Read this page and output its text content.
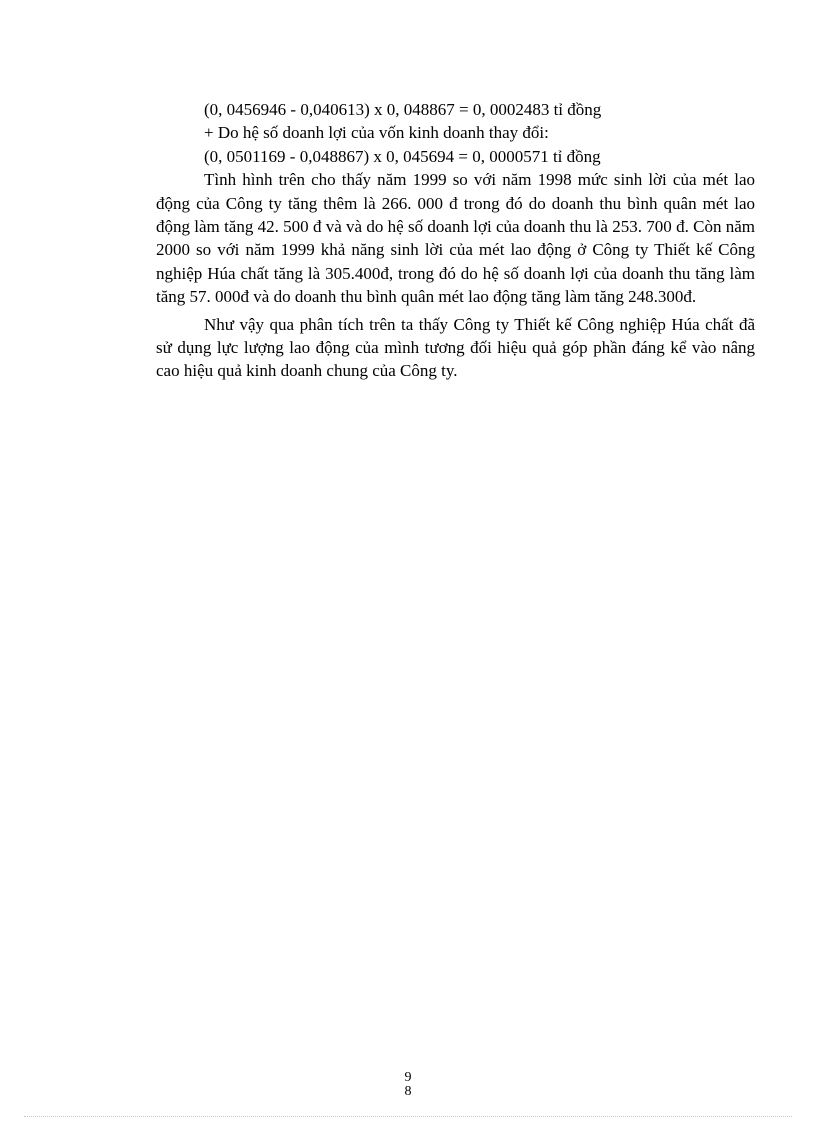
(0, 0456946 - 0,040613) x 0, 048867 = 0, 0002483 tỉ đồng

+ Do hệ số doanh lợi của vốn kinh doanh thay đổi:

(0, 0501169 - 0,048867) x 0, 045694 = 0, 0000571 tỉ đồng

Tình hình trên cho thấy năm 1999 so với năm 1998 mức sinh lời của mét lao động của Công ty tăng thêm là 266. 000 đ trong đó do doanh thu bình quân mét lao động làm tăng 42. 500 đ và và do hệ số doanh lợi của doanh thu là 253. 700 đ. Còn năm 2000 so với năm 1999 khả năng sinh lời của mét lao động ở Công ty Thiết kế Công nghiệp Húa chất tăng là 305.400đ, trong đó do hệ số doanh lợi của doanh thu tăng làm tăng 57. 000đ và do doanh thu bình quân mét lao động tăng làm tăng 248.300đ.

Như vậy qua phân tích trên ta thấy Công ty Thiết kế Công nghiệp Húa chất đã sử dụng lực lượng lao động của mình tương đối hiệu quả góp phần đáng kể vào nâng cao hiệu quả kinh doanh chung của Công ty.

9
8
